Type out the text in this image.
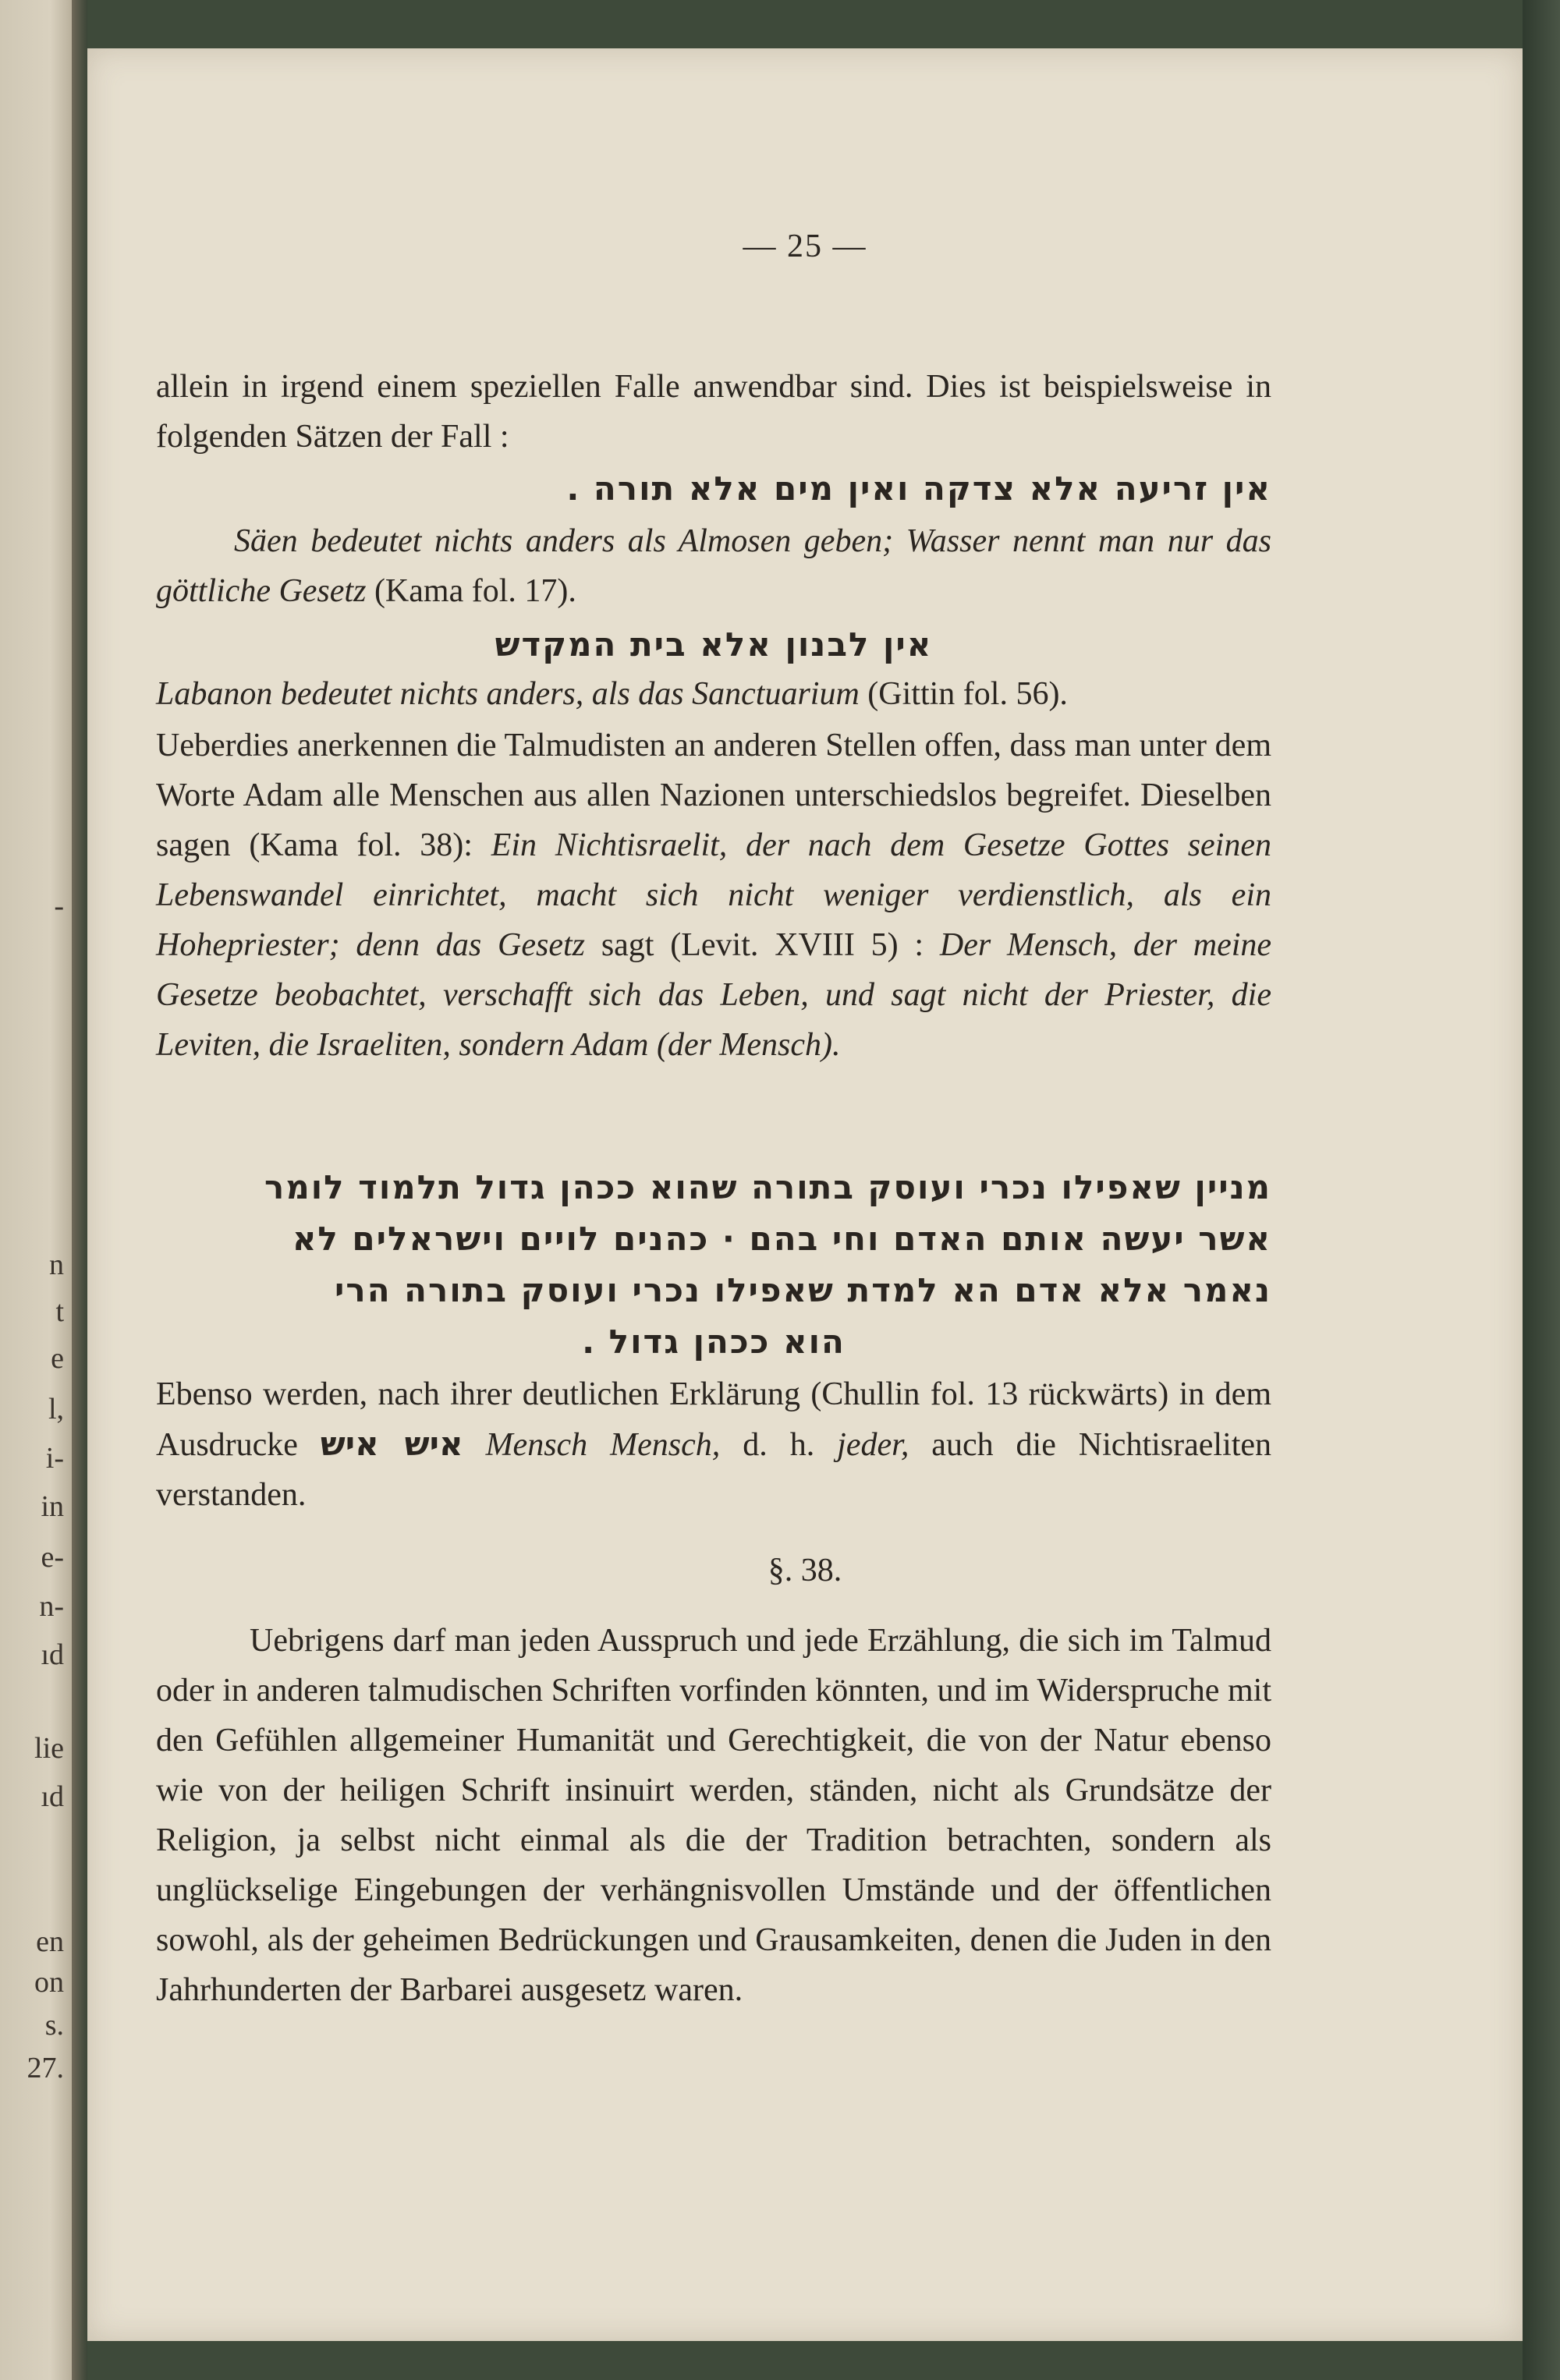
-
n
t
e
l,
i-
in
e-
n-
ıd
lie
ıd
en
on
s.
27.
— 25 —
allein in irgend einem speziellen Falle anwendbar sind. Dies ist beispielsweise in folgenden Sätzen der Fall :
אין זריעה אלא צדקה ואין מים אלא תורה .
Säen bedeutet nichts anders als Almosen geben; Wasser nennt man nur das göttliche Gesetz (Kama fol. 17).
אין לבנון אלא בית המקדש
Labanon bedeutet nichts anders, als das Sanctuarium (Gittin fol. 56).
Ueberdies anerkennen die Talmudisten an anderen Stellen offen, dass man unter dem Worte Adam alle Menschen aus allen Nazionen unterschiedslos begreifet. Dieselben sagen (Kama fol. 38): Ein Nichtisraelit, der nach dem Gesetze Gottes seinen Lebenswandel einrichtet, macht sich nicht weniger verdienstlich, als ein Hohepriester; denn das Gesetz sagt (Levit. XVIII 5) : Der Mensch, der meine Gesetze beobachtet, verschafft sich das Leben, und sagt nicht der Priester, die Leviten, die Israeliten, sondern Adam (der Mensch).
מניין שאפילו נכרי ועוסק בתורה שהוא ככהן גדול תלמוד לומר
אשר יעשה אותם האדם וחי בהם · כהנים לויים וישראלים לא
נאמר אלא אדם הא למדת שאפילו נכרי ועוסק בתורה הרי
הוא ככהן גדול .
Ebenso werden, nach ihrer deutlichen Erklärung (Chullin fol. 13 rückwärts) in dem Ausdrucke איש איש Mensch Mensch, d. h. jeder, auch die Nichtisraeliten verstanden.
§. 38.
Uebrigens darf man jeden Ausspruch und jede Erzählung, die sich im Talmud oder in anderen talmudischen Schriften vorfinden könnten, und im Widerspruche mit den Gefühlen allgemeiner Humanität und Gerechtigkeit, die von der Natur ebenso wie von der heiligen Schrift insinuirt werden, ständen, nicht als Grundsätze der Religion, ja selbst nicht einmal als die der Tradition betrachten, sondern als unglückselige Eingebungen der verhängnisvollen Umstände und der öffentlichen sowohl, als der geheimen Bedrückungen und Grausamkeiten, denen die Juden in den Jahrhunderten der Barbarei ausgesetz waren.
